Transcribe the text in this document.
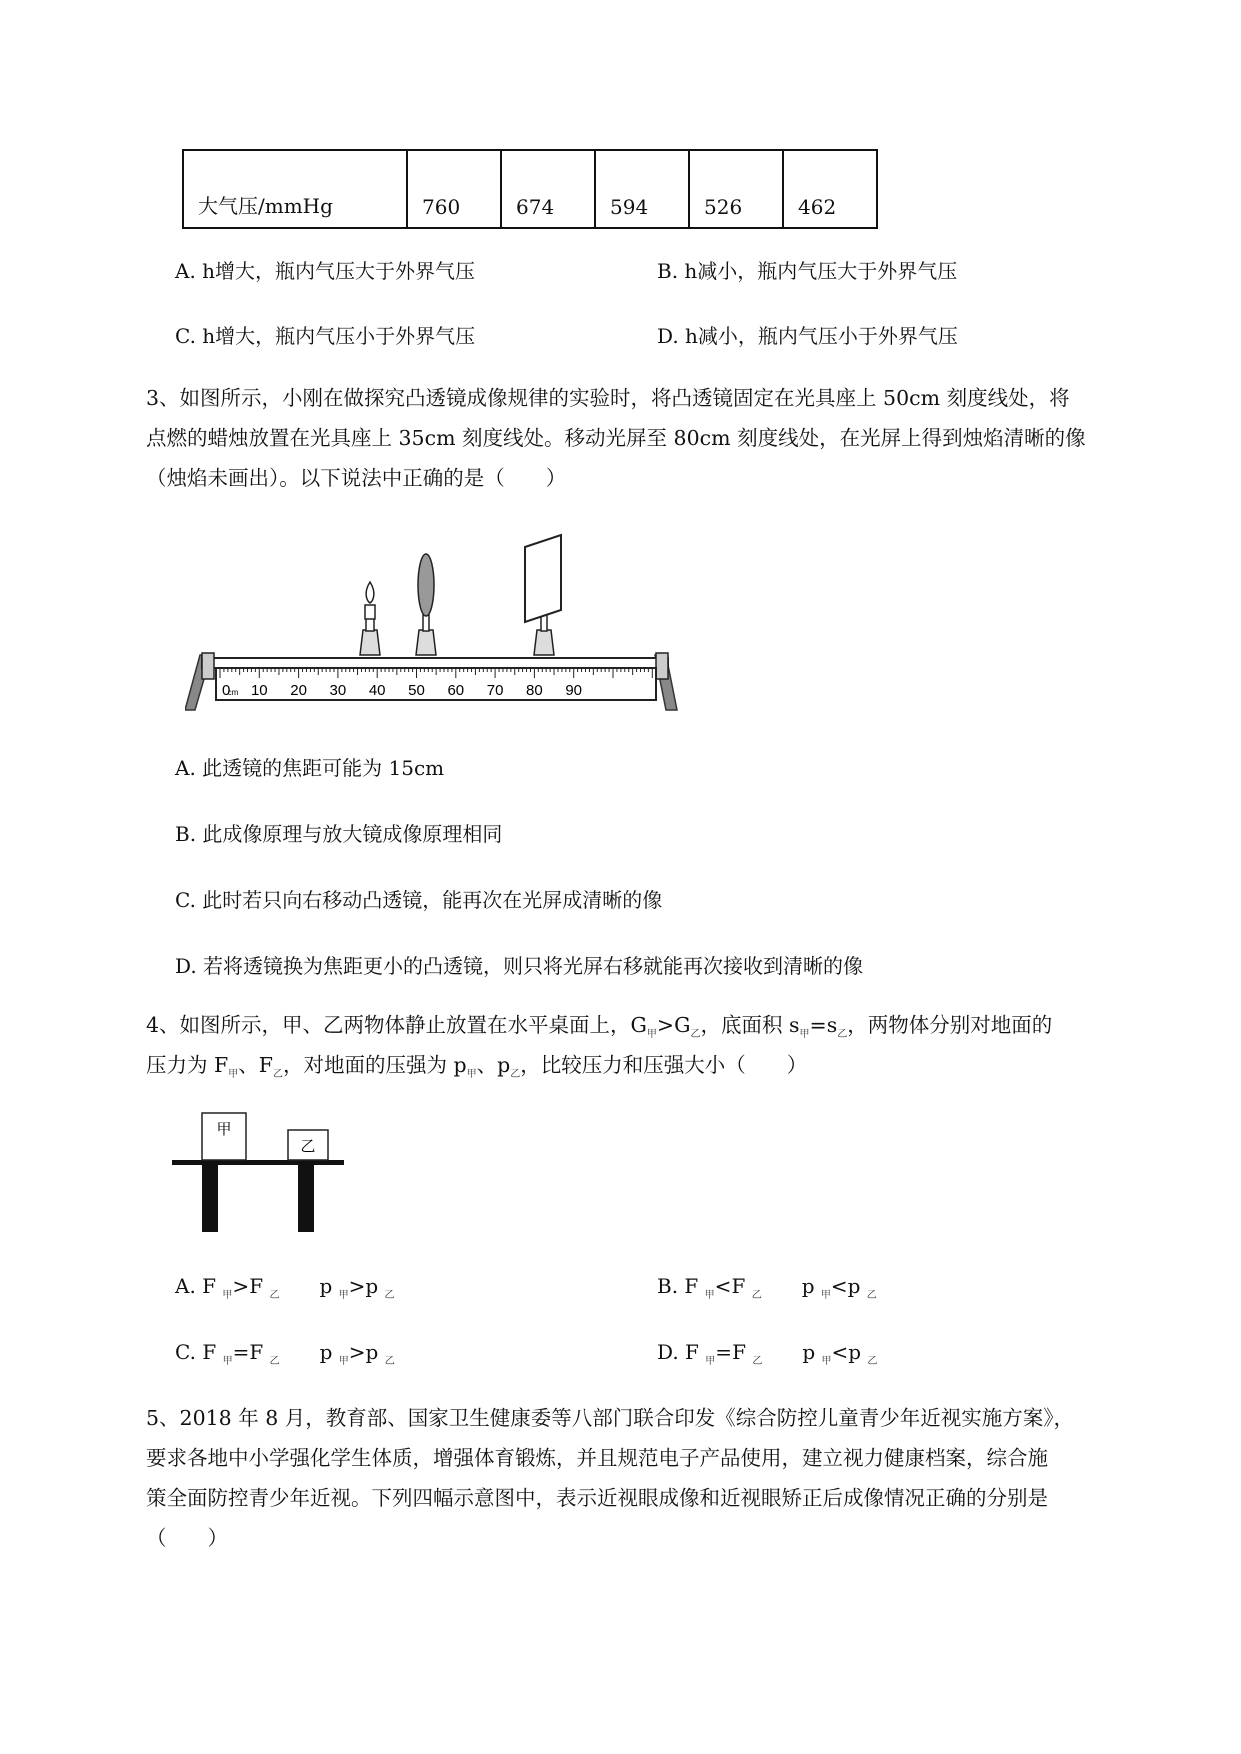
大气压/mmHg	760	674	594	526	462
A. h增大，瓶内气压大于外界气压	B. h减小，瓶内气压大于外界气压
C. h增大，瓶内气压小于外界气压	D. h减小，瓶内气压小于外界气压
3、如图所示，小刚在做探究凸透镜成像规律的实验时，将凸透镜固定在光具座上 50cm 刻度线处，将
点燃的蜡烛放置在光具座上 35cm 刻度线处。移动光屏至 80cm 刻度线处，在光屏上得到烛焰清晰的像
（烛焰未画出）。以下说法中正确的是（　　）
0
cm 10 20 30 40 50 60 70 80 90
A. 此透镜的焦距可能为 15cm
B. 此成像原理与放大镜成像原理相同
C. 此时若只向右移动凸透镜，能再次在光屏成清晰的像
D. 若将透镜换为焦距更小的凸透镜，则只将光屏右移就能再次接收到清晰的像
4、如图所示，甲、乙两物体静止放置在水平桌面上，$G_甲>G_乙$，底面积 $s_甲=s_乙$，两物体分别对地面的
压力为 $F_甲$、$F_乙$，对地面的压强为 $p_甲$、$p_乙$，比较压力和压强大小（　　）
甲
乙
A. F $_甲$>F $_乙$   p $_甲$>p $_乙$	B. F $_甲$<F $_乙$   p $_甲$<p $_乙$
C. F $_甲$=F $_乙$   p $_甲$>p $_乙$	D. F $_甲$=F $_乙$   p $_甲$<p $_乙$
5、2018 年 8 月，教育部、国家卫生健康委等八部门联合印发《综合防控儿童青少年近视实施方案》，
要求各地中小学强化学生体质，增强体育锻炼，并且规范电子产品使用，建立视力健康档案，综合施
策全面防控青少年近视。下列四幅示意图中，表示近视眼成像和近视眼矫正后成像情况正确的分别是
（　　）
